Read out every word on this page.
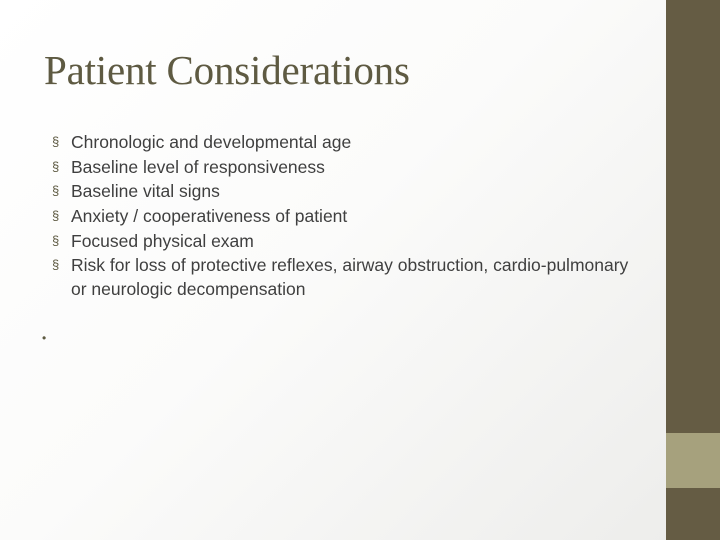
Patient Considerations
§ Chronologic and developmental age
§ Baseline level of responsiveness
§ Baseline vital signs
§ Anxiety / cooperativeness of patient
§ Focused physical exam
§ Risk for loss of protective reflexes, airway obstruction, cardio-pulmonary or neurologic decompensation
•
